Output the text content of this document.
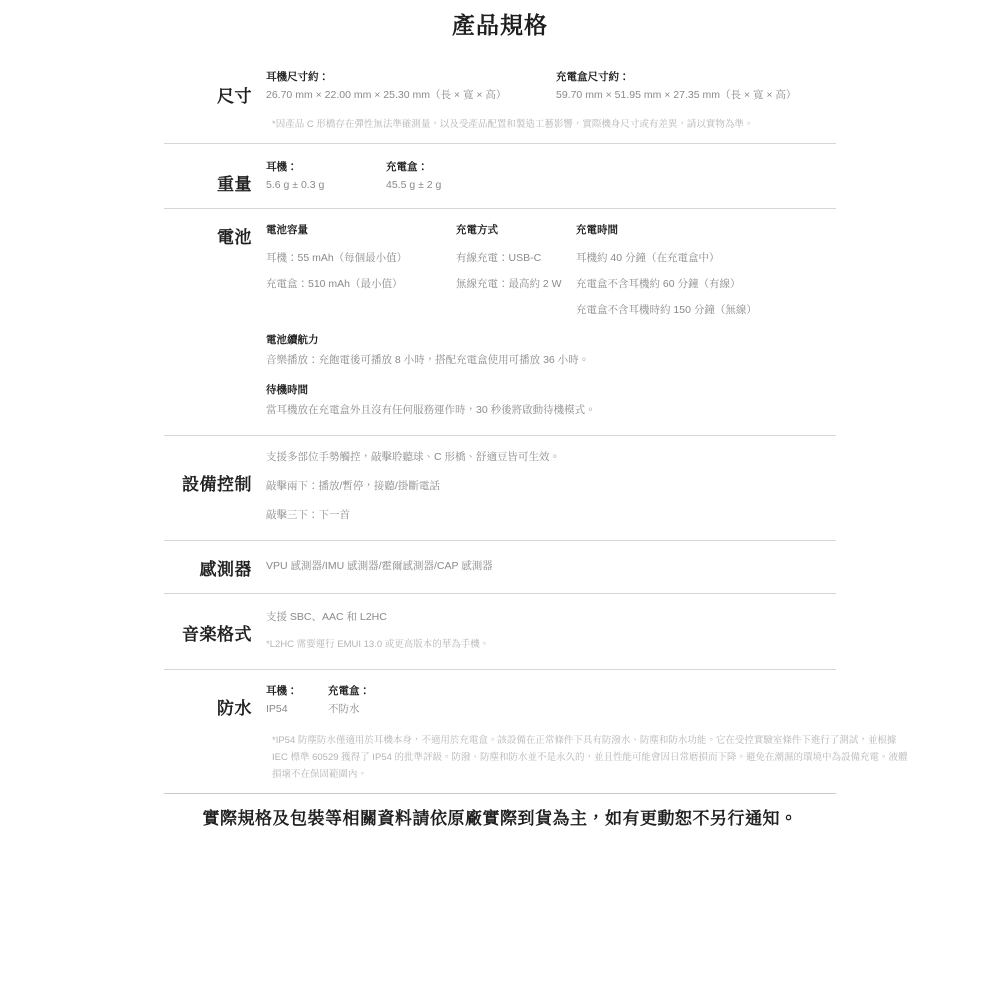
產品規格
尺寸
耳機尺寸約：
26.70 mm × 22.00 mm × 25.30 mm（長 × 寬 × 高）
充電盒尺寸約：
59.70 mm × 51.95 mm × 27.35 mm（長 × 寬 × 高）
*因產品 C 形橋存在彈性無法準確測量，以及受產品配置和製造工藝影響，實際機身尺寸或有差異，請以實物為準。
重量
耳機：
5.6 g ± 0.3 g
充電盒：
45.5 g ± 2 g
電池 電池容量
耳機：55 mAh（每個最小值）
充電盒：510 mAh（最小值）
充電方式
有線充電：USB-C
無線充電：最高約 2 W
充電時間
耳機約 40 分鐘（在充電盒中）
充電盒不含耳機約 60 分鐘（有線）
充電盒不含耳機時約 150 分鐘（無線）
電池續航力
音樂播放：充飽電後可播放 8 小時，搭配充電盒使用可播放 36 小時。
待機時間
當耳機放在充電盒外且沒有任何服務運作時，30 秒後將啟動待機模式。
設備控制
支援多部位手勢觸控，敲擊聆聽球、C 形橋、舒適豆皆可生效。
敲擊兩下：播放/暫停，接聽/掛斷電話
敲擊三下：下一首
感測器 VPU 感測器/IMU 感測器/霍爾感測器/CAP 感測器
音楽格式
支援 SBC、AAC 和 L2HC
*L2HC 需要運行 EMUI 13.0 或更高版本的華為手機。
防水
耳機：
IP54
充電盒：
不防水
*IP54 防塵防水僅適用於耳機本身，不適用於充電盒。該設備在正常條件下具有防潑水、防塵和防水功能。它在受控實驗室條件下進行了測試，並根據 IEC 標準 60529 獲得了 IP54 的批準評級。防潑、防塵和防水並不是永久的，並且性能可能會因日常磨損而下降。避免在潮濕的環境中為設備充電。液體損壞不在保固範圍內。
實際規格及包裝等相關資料請依原廠實際到貨為主，如有更動恕不另行通知。
